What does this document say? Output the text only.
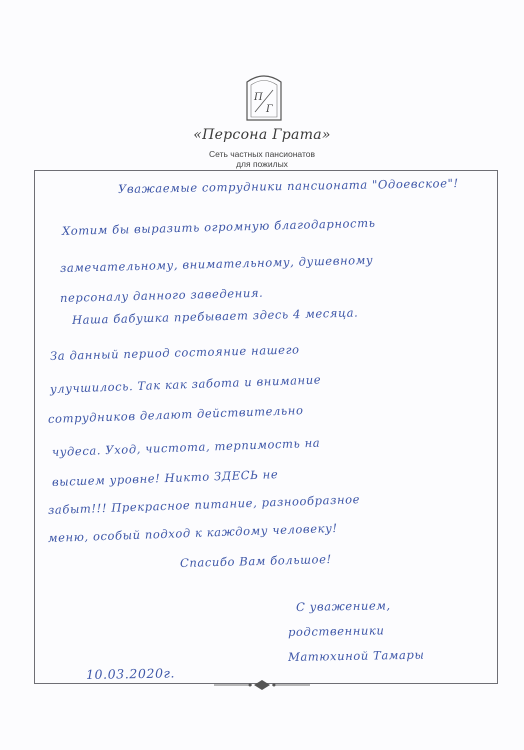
П
Г
«Персона Грата»
Сеть частных пансионатов
для пожилых
Уважаемые сотрудники пансионата "Одоевское"!
Хотим бы выразить огромную благодарность
замечательному, внимательному, душевному
персоналу данного заведения.
Наша бабушка пребывает здесь 4 месяца.
За данный период состояние нашего
улучшилось. Так как забота и внимание
сотрудников делают действительно
чудеса. Уход, чистота, терпимость на
высшем уровне! Никто ЗДЕСЬ не
забыт!!! Прекрасное питание, разнообразное
меню, особый подход к каждому человеку!
Спасибо Вам большое!
С уважением,
родственники
Матюхиной Тамары
10.03.2020г.
